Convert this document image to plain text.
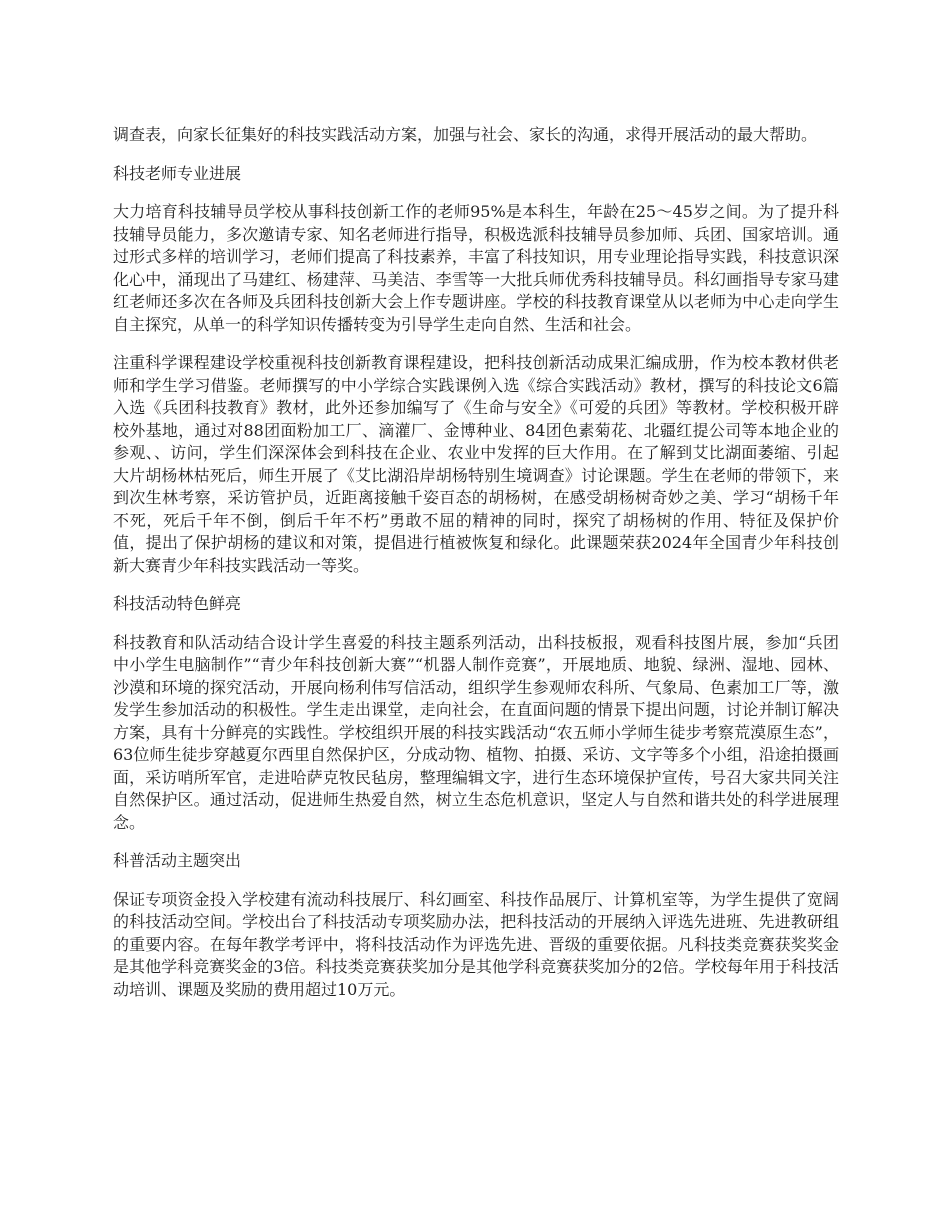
调查表，向家长征集好的科技实践活动方案，加强与社会、家长的沟通，求得开展活动的最大帮助。

科技老师专业进展

大力培育科技辅导员学校从事科技创新工作的老师95%是本科生，年龄在25～45岁之间。为了提升科技辅导员能力，多次邀请专家、知名老师进行指导，积极选派科技辅导员参加师、兵团、国家培训。通过形式多样的培训学习，老师们提高了科技素养，丰富了科技知识，用专业理论指导实践，科技意识深化心中，涌现出了马建红、杨建萍、马美洁、李雪等一大批兵师优秀科技辅导员。科幻画指导专家马建红老师还多次在各师及兵团科技创新大会上作专题讲座。学校的科技教育课堂从以老师为中心走向学生自主探究，从单一的科学知识传播转变为引导学生走向自然、生活和社会。

注重科学课程建设学校重视科技创新教育课程建设，把科技创新活动成果汇编成册，作为校本教材供老师和学生学习借鉴。老师撰写的中小学综合实践课例入选《综合实践活动》教材，撰写的科技论文6篇入选《兵团科技教育》教材，此外还参加编写了《生命与安全》《可爱的兵团》等教材。学校积极开辟校外基地，通过对88团面粉加工厂、滴灌厂、金博种业、84团色素菊花、北疆红提公司等本地企业的参观、、访问，学生们深深体会到科技在企业、农业中发挥的巨大作用。在了解到艾比湖面萎缩、引起大片胡杨林枯死后，师生开展了《艾比湖沿岸胡杨特别生境调查》讨论课题。学生在老师的带领下，来到次生林考察，采访管护员，近距离接触千姿百态的胡杨树，在感受胡杨树奇妙之美、学习“胡杨千年不死，死后千年不倒，倒后千年不朽”勇敢不屈的精神的同时，探究了胡杨树的作用、特征及保护价值，提出了保护胡杨的建议和对策，提倡进行植被恢复和绿化。此课题荣获2024年全国青少年科技创新大赛青少年科技实践活动一等奖。

科技活动特色鲜亮

科技教育和队活动结合设计学生喜爱的科技主题系列活动，出科技板报，观看科技图片展，参加“兵团中小学生电脑制作”“青少年科技创新大赛”“机器人制作竞赛”，开展地质、地貌、绿洲、湿地、园林、沙漠和环境的探究活动，开展向杨利伟写信活动，组织学生参观师农科所、气象局、色素加工厂等，激发学生参加活动的积极性。学生走出课堂，走向社会，在直面问题的情景下提出问题，讨论并制订解决方案，具有十分鲜亮的实践性。学校组织开展的科技实践活动“农五师小学师生徒步考察荒漠原生态”，63位师生徒步穿越夏尔西里自然保护区，分成动物、植物、拍摄、采访、文字等多个小组，沿途拍摄画面，采访哨所军官，走进哈萨克牧民毡房，整理编辑文字，进行生态环境保护宣传，号召大家共同关注自然保护区。通过活动，促进师生热爱自然，树立生态危机意识，坚定人与自然和谐共处的科学进展理念。

科普活动主题突出

保证专项资金投入学校建有流动科技展厅、科幻画室、科技作品展厅、计算机室等，为学生提供了宽阔的科技活动空间。学校出台了科技活动专项奖励办法，把科技活动的开展纳入评选先进班、先进教研组的重要内容。在每年教学考评中，将科技活动作为评选先进、晋级的重要依据。凡科技类竞赛获奖奖金是其他学科竞赛奖金的3倍。科技类竞赛获奖加分是其他学科竞赛获奖加分的2倍。学校每年用于科技活动培训、课题及奖励的费用超过10万元。
